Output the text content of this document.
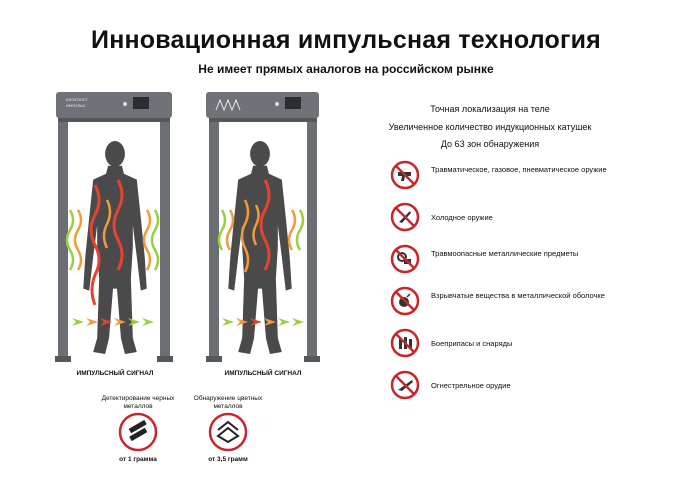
Инновационная импульсная технология
Не имеет прямых аналогов на российском рынке
БЛОКПОСТ
ИМПУЛЬС
ИМПУЛЬСНЫЙ СИГНАЛ	ИМПУЛЬСНЫЙ СИГНАЛ
Точная локализация на теле
Увеличенное количество индукционных катушек
До 63 зон обнаружения
Травматическое, газовое, пневматическое оружие
Холодное оружие
Травмоопасные металлические предметы
Взрывчатые вещества в металлической оболочке
Боеприпасы и снаряды
Огнестрельное орудие
Детектирование черных металлов
от 1 грамма
Обнаружение цветных металлов
от 3,5 грамм
